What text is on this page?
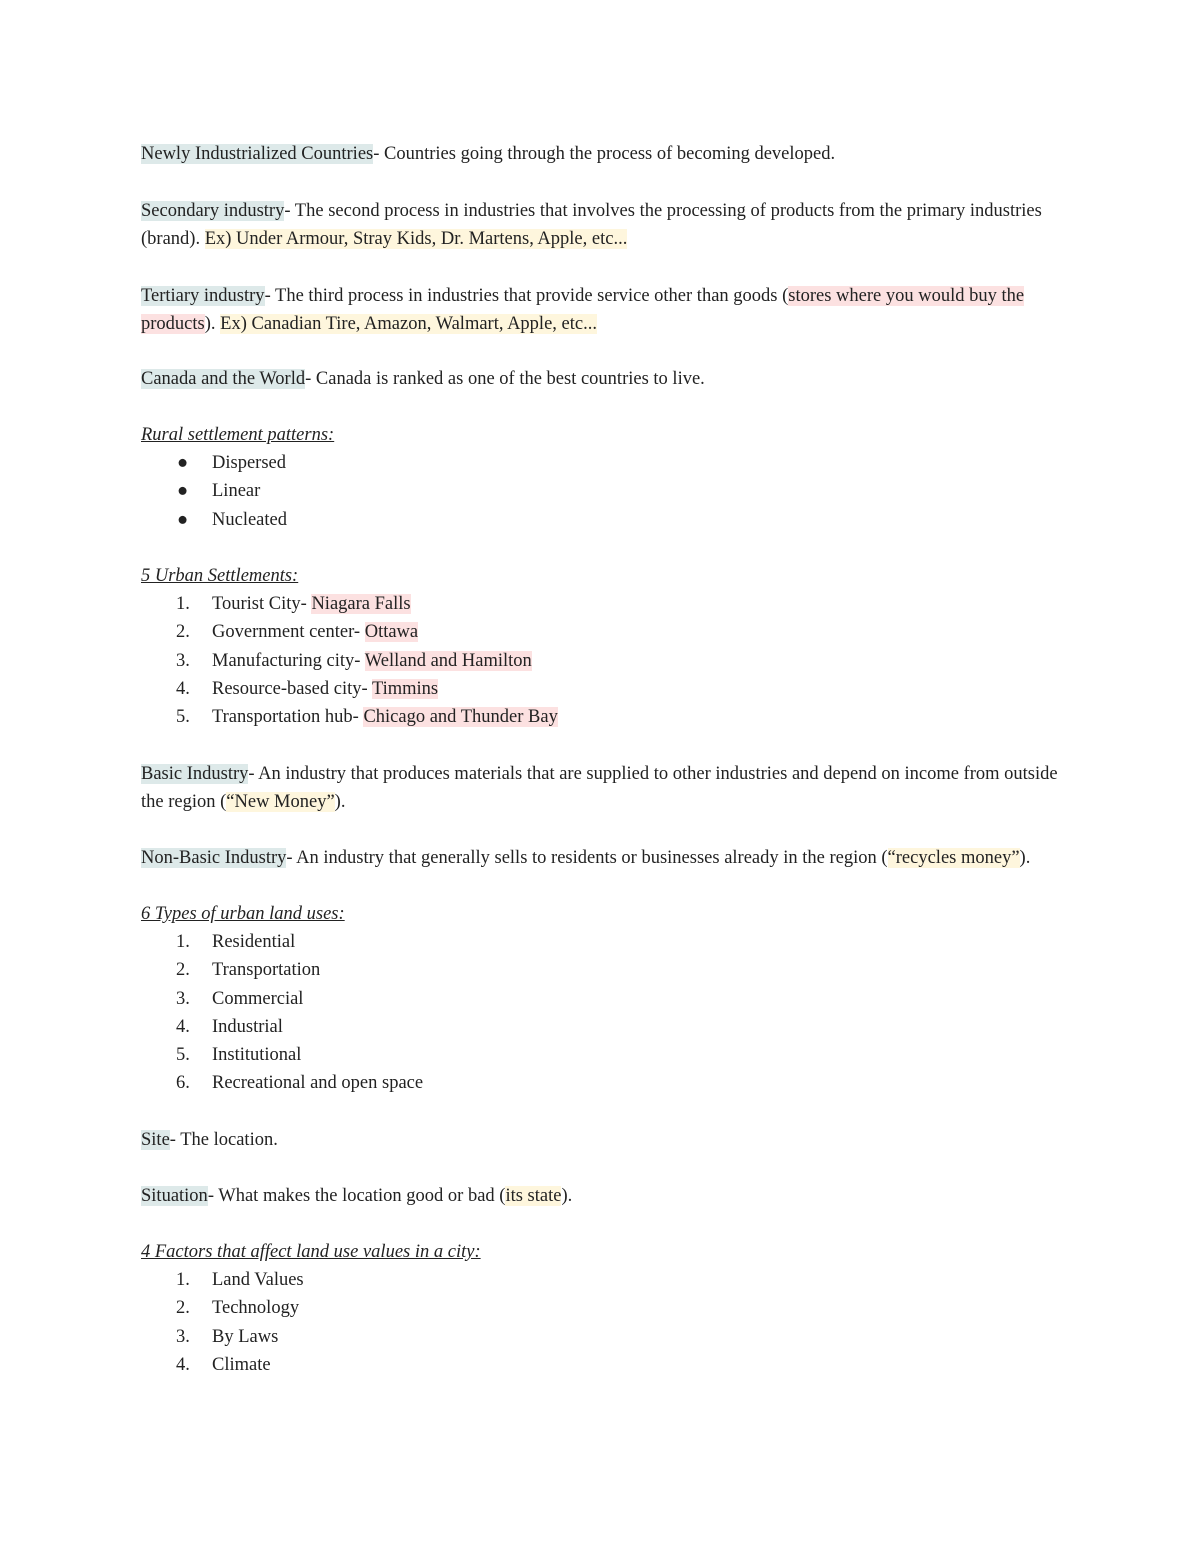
Newly Industrialized Countries- Countries going through the process of becoming developed.

Secondary industry- The second process in industries that involves the processing of products from the primary industries (brand). Ex) Under Armour, Stray Kids, Dr. Martens, Apple, etc...

Tertiary industry- The third process in industries that provide service other than goods (stores where you would buy the products). Ex) Canadian Tire, Amazon, Walmart, Apple, etc...

Canada and the World- Canada is ranked as one of the best countries to live.

Rural settlement patterns:
● Dispersed
● Linear
● Nucleated
5 Urban Settlements:
1. Tourist City- Niagara Falls
2. Government center- Ottawa
3. Manufacturing city- Welland and Hamilton
4. Resource-based city- Timmins
5. Transportation hub- Chicago and Thunder Bay

Basic Industry- An industry that produces materials that are supplied to other industries and depend on income from outside the region (“New Money”).

Non-Basic Industry- An industry that generally sells to residents or businesses already in the region (“recycles money”).

6 Types of urban land uses:
1. Residential
2. Transportation
3. Commercial
4. Industrial
5. Institutional
6. Recreational and open space

Site- The location.

Situation- What makes the location good or bad (its state).

4 Factors that affect land use values in a city:
1. Land Values
2. Technology
3. By Laws
4. Climate
